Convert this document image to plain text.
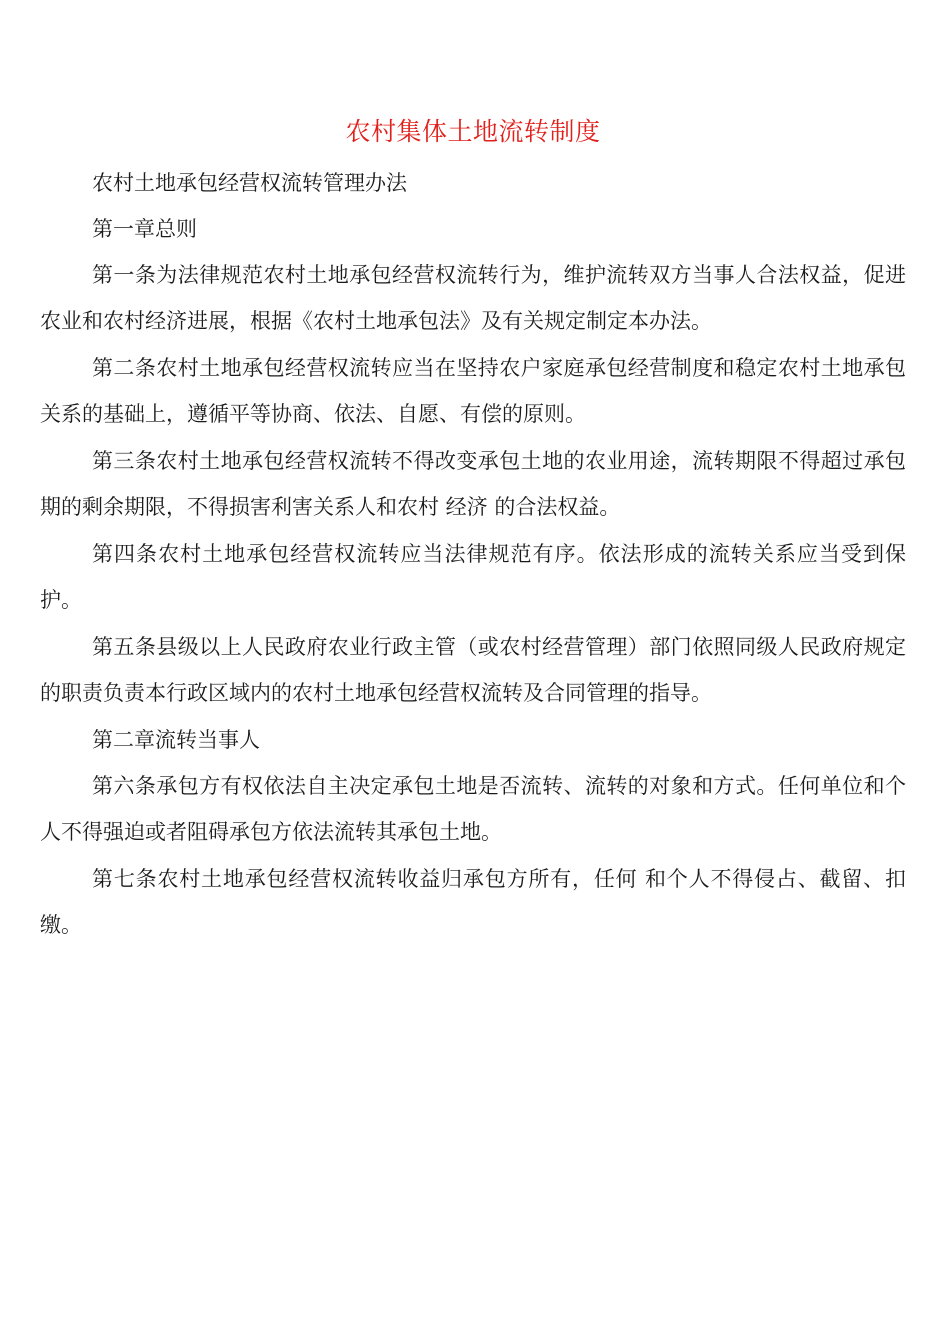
农村集体土地流转制度

农村土地承包经营权流转管理办法

第一章总则

第一条为法律规范农村土地承包经营权流转行为，维护流转双方当事人合法权益，促进农业和农村经济进展，根据《农村土地承包法》及有关规定制定本办法。

第二条农村土地承包经营权流转应当在坚持农户家庭承包经营制度和稳定农村土地承包关系的基础上，遵循平等协商、依法、自愿、有偿的原则。

第三条农村土地承包经营权流转不得改变承包土地的农业用途，流转期限不得超过承包期的剩余期限，不得损害利害关系人和农村 经济 的合法权益。

第四条农村土地承包经营权流转应当法律规范有序。依法形成的流转关系应当受到保护。

第五条县级以上人民政府农业行政主管（或农村经营管理）部门依照同级人民政府规定的职责负责本行政区域内的农村土地承包经营权流转及合同管理的指导。

第二章流转当事人

第六条承包方有权依法自主决定承包土地是否流转、流转的对象和方式。任何单位和个人不得强迫或者阻碍承包方依法流转其承包土地。

第七条农村土地承包经营权流转收益归承包方所有，任何 和个人不得侵占、截留、扣缴。
